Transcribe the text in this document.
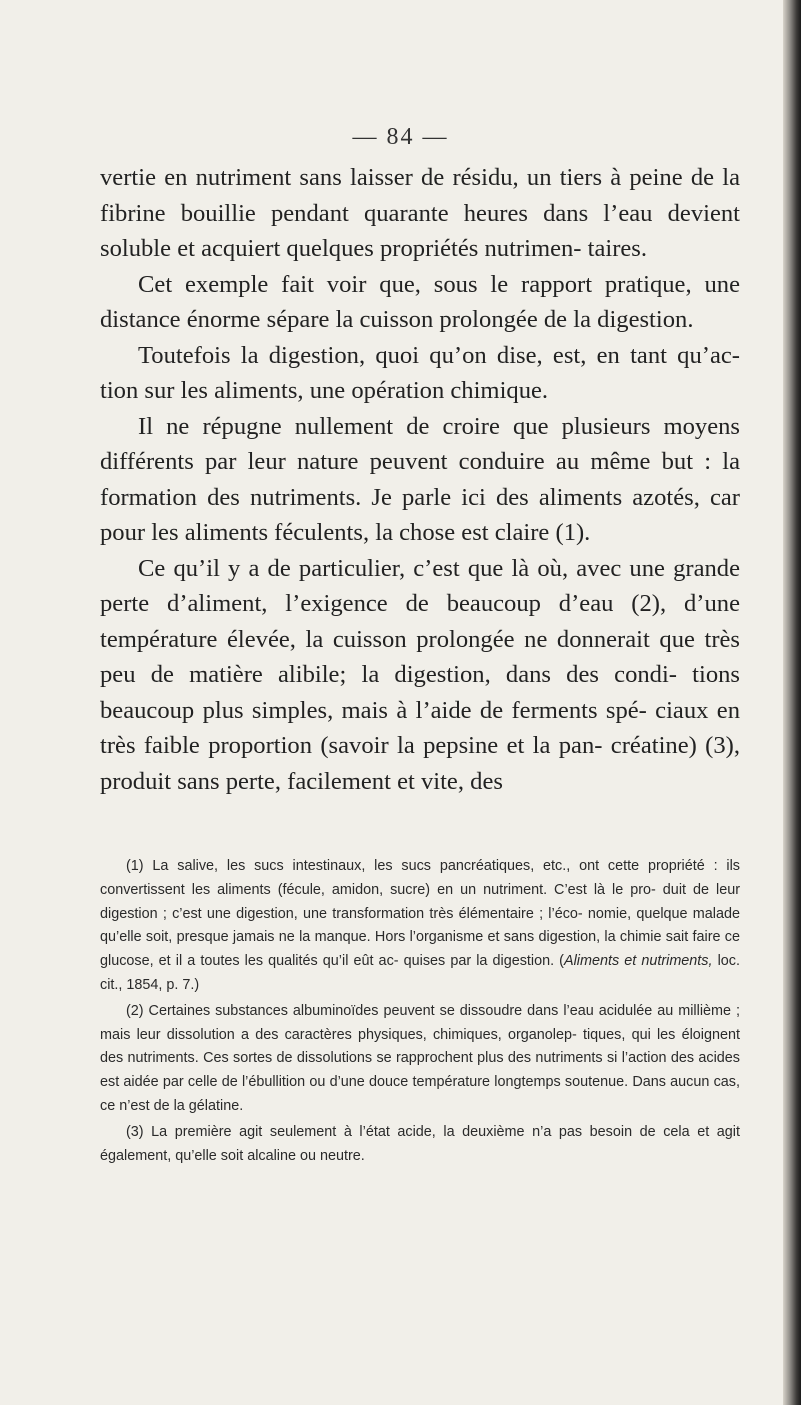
— 84 —

vertie en nutriment sans laisser de résidu, un tiers à peine de la fibrine bouillie pendant quarante heures dans l’eau devient soluble et acquiert quelques propriétés nutrimen- taires.

Cet exemple fait voir que, sous le rapport pratique, une distance énorme sépare la cuisson prolongée de la digestion.

Toutefois la digestion, quoi qu’on dise, est, en tant qu’ac- tion sur les aliments, une opération chimique.

Il ne répugne nullement de croire que plusieurs moyens différents par leur nature peuvent conduire au même but : la formation des nutriments. Je parle ici des aliments azotés, car pour les aliments féculents, la chose est claire (1).

Ce qu’il y a de particulier, c’est que là où, avec une grande perte d’aliment, l’exigence de beaucoup d’eau (2), d’une température élevée, la cuisson prolongée ne donnerait que très peu de matière alibile; la digestion, dans des condi- tions beaucoup plus simples, mais à l’aide de ferments spé- ciaux en très faible proportion (savoir la pepsine et la pan- créatine) (3), produit sans perte, facilement et vite, des

(1) La salive, les sucs intestinaux, les sucs pancréatiques, etc., ont cette propriété : ils convertissent les aliments (fécule, amidon, sucre) en un nutriment. C’est là le pro- duit de leur digestion ; c’est une digestion, une transformation très élémentaire ; l’éco- nomie, quelque malade qu’elle soit, presque jamais ne la manque. Hors l’organisme et sans digestion, la chimie sait faire ce glucose, et il a toutes les qualités qu’il eût ac- quises par la digestion. (Aliments et nutriments, loc. cit., 1854, p. 7.)

(2) Certaines substances albuminoïdes peuvent se dissoudre dans l’eau acidulée au millième ; mais leur dissolution a des caractères physiques, chimiques, organolep- tiques, qui les éloignent des nutriments. Ces sortes de dissolutions se rapprochent plus des nutriments si l’action des acides est aidée par celle de l’ébullition ou d’une douce température longtemps soutenue. Dans aucun cas, ce n’est de la gélatine.

(3) La première agit seulement à l’état acide, la deuxième n’a pas besoin de cela et agit également, qu’elle soit alcaline ou neutre.
